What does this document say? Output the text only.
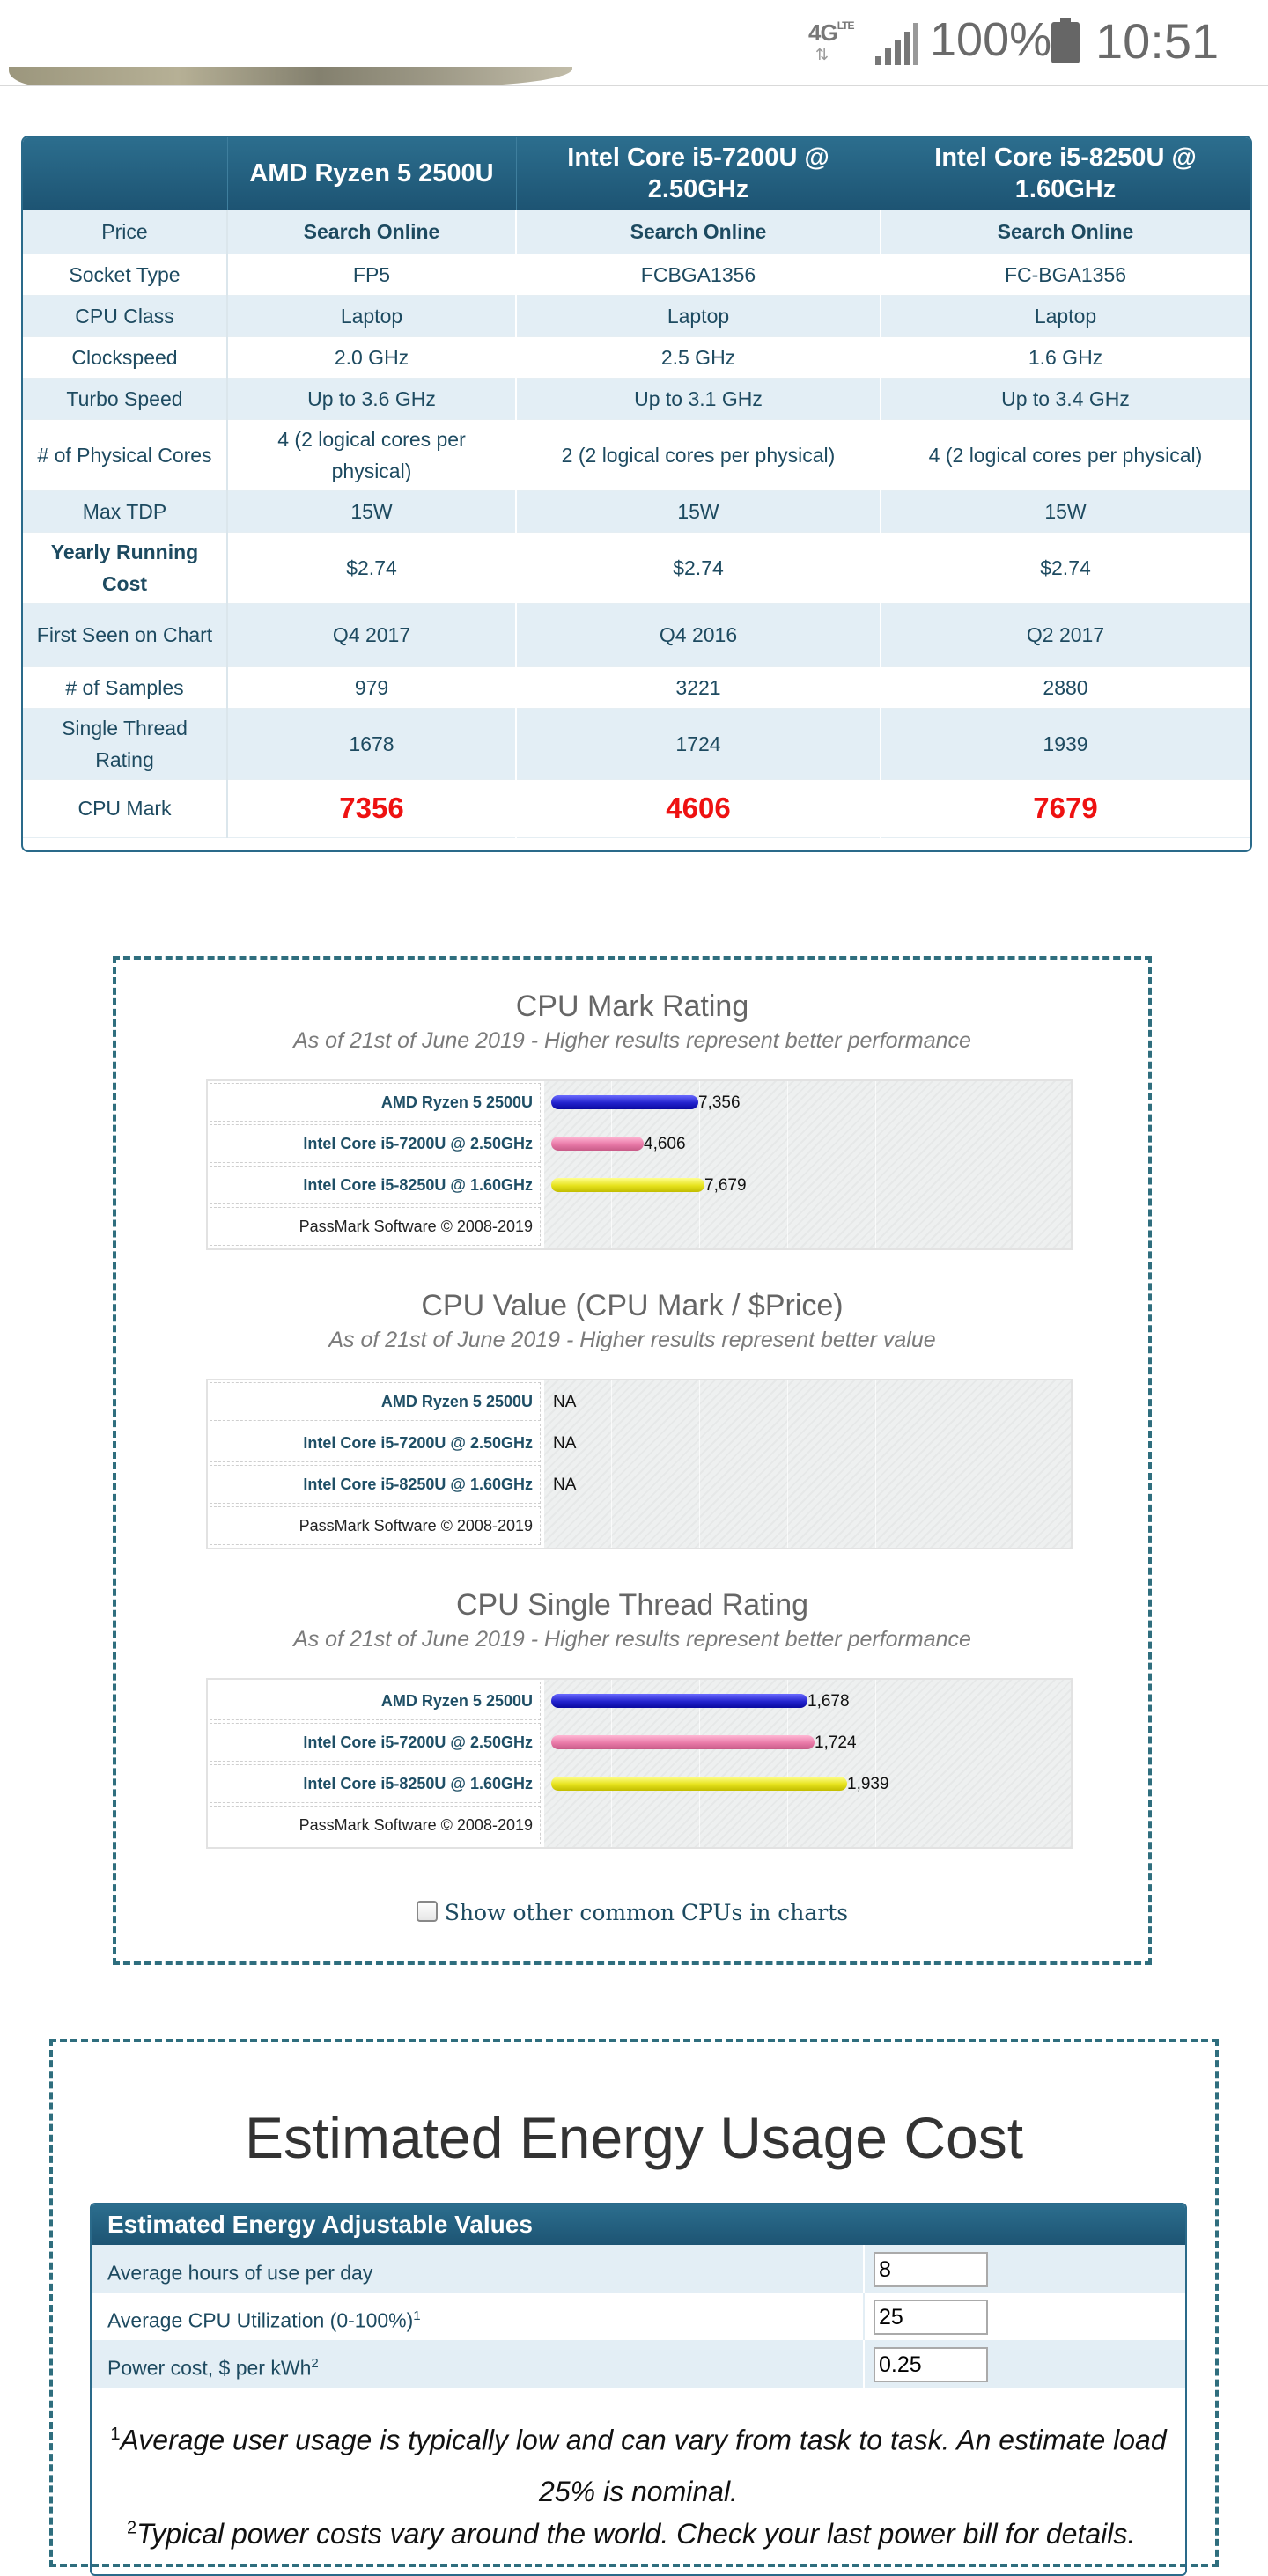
$4G^{LTE}$
⇅ 100% 10:51
	AMD Ryzen 5 2500U	Intel Core i5-7200U @ 2.50GHz	Intel Core i5-8250U @ 1.60GHz
Price	Search Online	Search Online	Search Online
Socket Type	FP5	FCBGA1356	FC-BGA1356
CPU Class	Laptop	Laptop	Laptop
Clockspeed	2.0 GHz	2.5 GHz	1.6 GHz
Turbo Speed	Up to 3.6 GHz	Up to 3.1 GHz	Up to 3.4 GHz
# of Physical Cores	4 (2 logical cores per physical)	2 (2 logical cores per physical)	4 (2 logical cores per physical)
Max TDP	15W	15W	15W
Yearly Running Cost	$2.74	$2.74	$2.74
First Seen on Chart	Q4 2017	Q4 2016	Q2 2017
# of Samples	979	3221	2880
Single Thread Rating	1678	1724	1939
CPU Mark	7356	4606	7679
CPU Mark Rating
As of 21st of June 2019 - Higher results represent better performance
AMD Ryzen 5 2500U
Intel Core i5-7200U @ 2.50GHz
Intel Core i5-8250U @ 1.60GHz
PassMark Software © 2008-2019
7,356
4,606
7,679
CPU Value (CPU Mark / $Price)
As of 21st of June 2019 - Higher results represent better value
AMD Ryzen 5 2500U
Intel Core i5-7200U @ 2.50GHz
Intel Core i5-8250U @ 1.60GHz
PassMark Software © 2008-2019
NA
NA
NA
CPU Single Thread Rating
As of 21st of June 2019 - Higher results represent better performance
AMD Ryzen 5 2500U
Intel Core i5-7200U @ 2.50GHz
Intel Core i5-8250U @ 1.60GHz
PassMark Software © 2008-2019
1,678
1,724
1,939
Show other common CPUs in charts
Estimated Energy Usage Cost
Estimated Energy Adjustable Values
Average hours of use per day	8
Average CPU Utilization $(0-100\%)^1$	25
Power cost, $ per kWh$^2$	0.25
$^1$Average user usage is typically low and can vary from task to task. An estimate load 25% is nominal.
$^2$Typical power costs vary around the world. Check your last power bill for details.
